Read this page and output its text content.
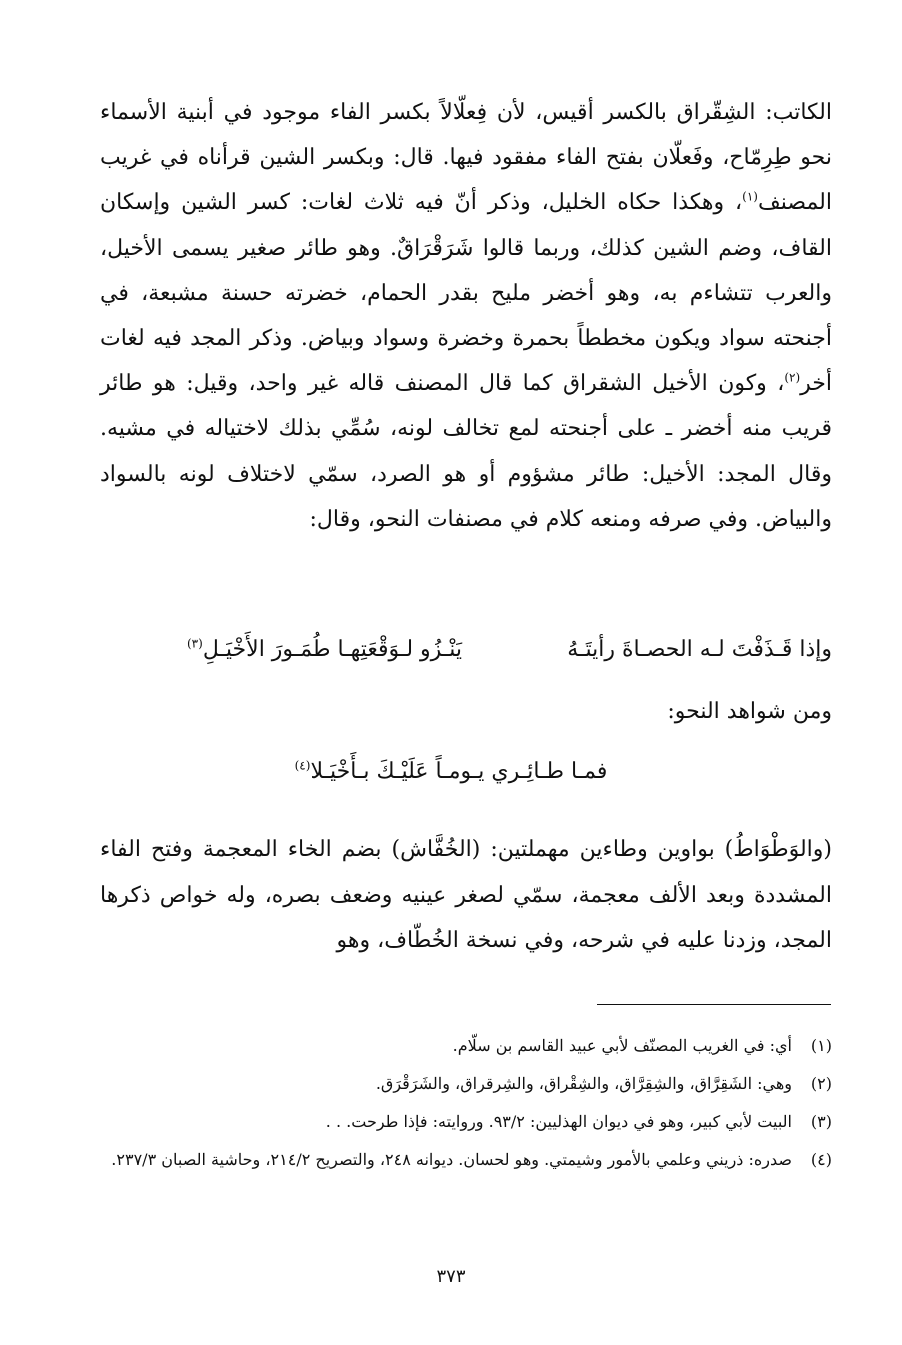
الكاتب: الشِقّراق بالكسر أقيس، لأن فِعلّالاً بكسر الفاء موجود في أبنية الأسماء نحو طِرِمّاح، وفَعلّان بفتح الفاء مفقود فيها. قال: وبكسر الشين قرأناه في غريب المصنف$^{(١)}$، وهكذا حكاه الخليل، وذكر أنّ فيه ثلاث لغات: كسر الشين وإسكان القاف، وضم الشين كذلك، وربما قالوا شَرَقْرَاقٌ. وهو طائر صغير يسمى الأخيل، والعرب تتشاءم به، وهو أخضر مليح بقدر الحمام، خضرته حسنة مشبعة، في أجنحته سواد ويكون مخططاً بحمرة وخضرة وسواد وبياض. وذكر المجد فيه لغات أخر$^{(٢)}$، وكون الأخيل الشقراق كما قال المصنف قاله غير واحد، وقيل: هو طائر قريب منه أخضر ـ على أجنحته لمع تخالف لونه، سُمِّي بذلك لاختياله في مشيه. وقال المجد: الأخيل: طائر مشؤوم أو هو الصرد، سمّي لاختلاف لونه بالسواد والبياض. وفي صرفه ومنعه كلام في مصنفات النحو، وقال:

وإذا قَـذَفْتَ لـه الحصـاةَ رأيتَـهُ
يَنْـزُو لـوَقْعَتِهـا طُمَـورَ الأَخْيَـلِ$^{(٣)}$
ومن شواهد النحو:
فمـا طـائِـري يـومـاً عَلَيْـكَ بـأَخْيَـلا$^{(٤)}$
(والوَطْوَاطُ) بواوين وطاءين مهملتين: (الخُفَّاش) بضم الخاء المعجمة وفتح الفاء المشددة وبعد الألف معجمة، سمّي لصغر عينيه وضعف بصره، وله خواص ذكرها المجد، وزدنا عليه في شرحه، وفي نسخة الخُطّاف، وهو
(١)
أي: في الغريب المصنّف لأبي عبيد القاسم بن سلّام.
(٢)
وهي: الشَقِرَّاق، والشِقِرَّاق، والشِقْراق، والشِرقراق، والشَرَقْرَق.
(٣)
البيت لأبي كبير، وهو في ديوان الهذليين: ٩٣/٢. وروايته: فإذا طرحت. . .
(٤)
صدره: ذريني وعلمي بالأمور وشيمتي. وهو لحسان. ديوانه ٢٤٨، والتصريح ٢١٤/٢، وحاشية الصبان ٢٣٧/٣.
٣٧٣
